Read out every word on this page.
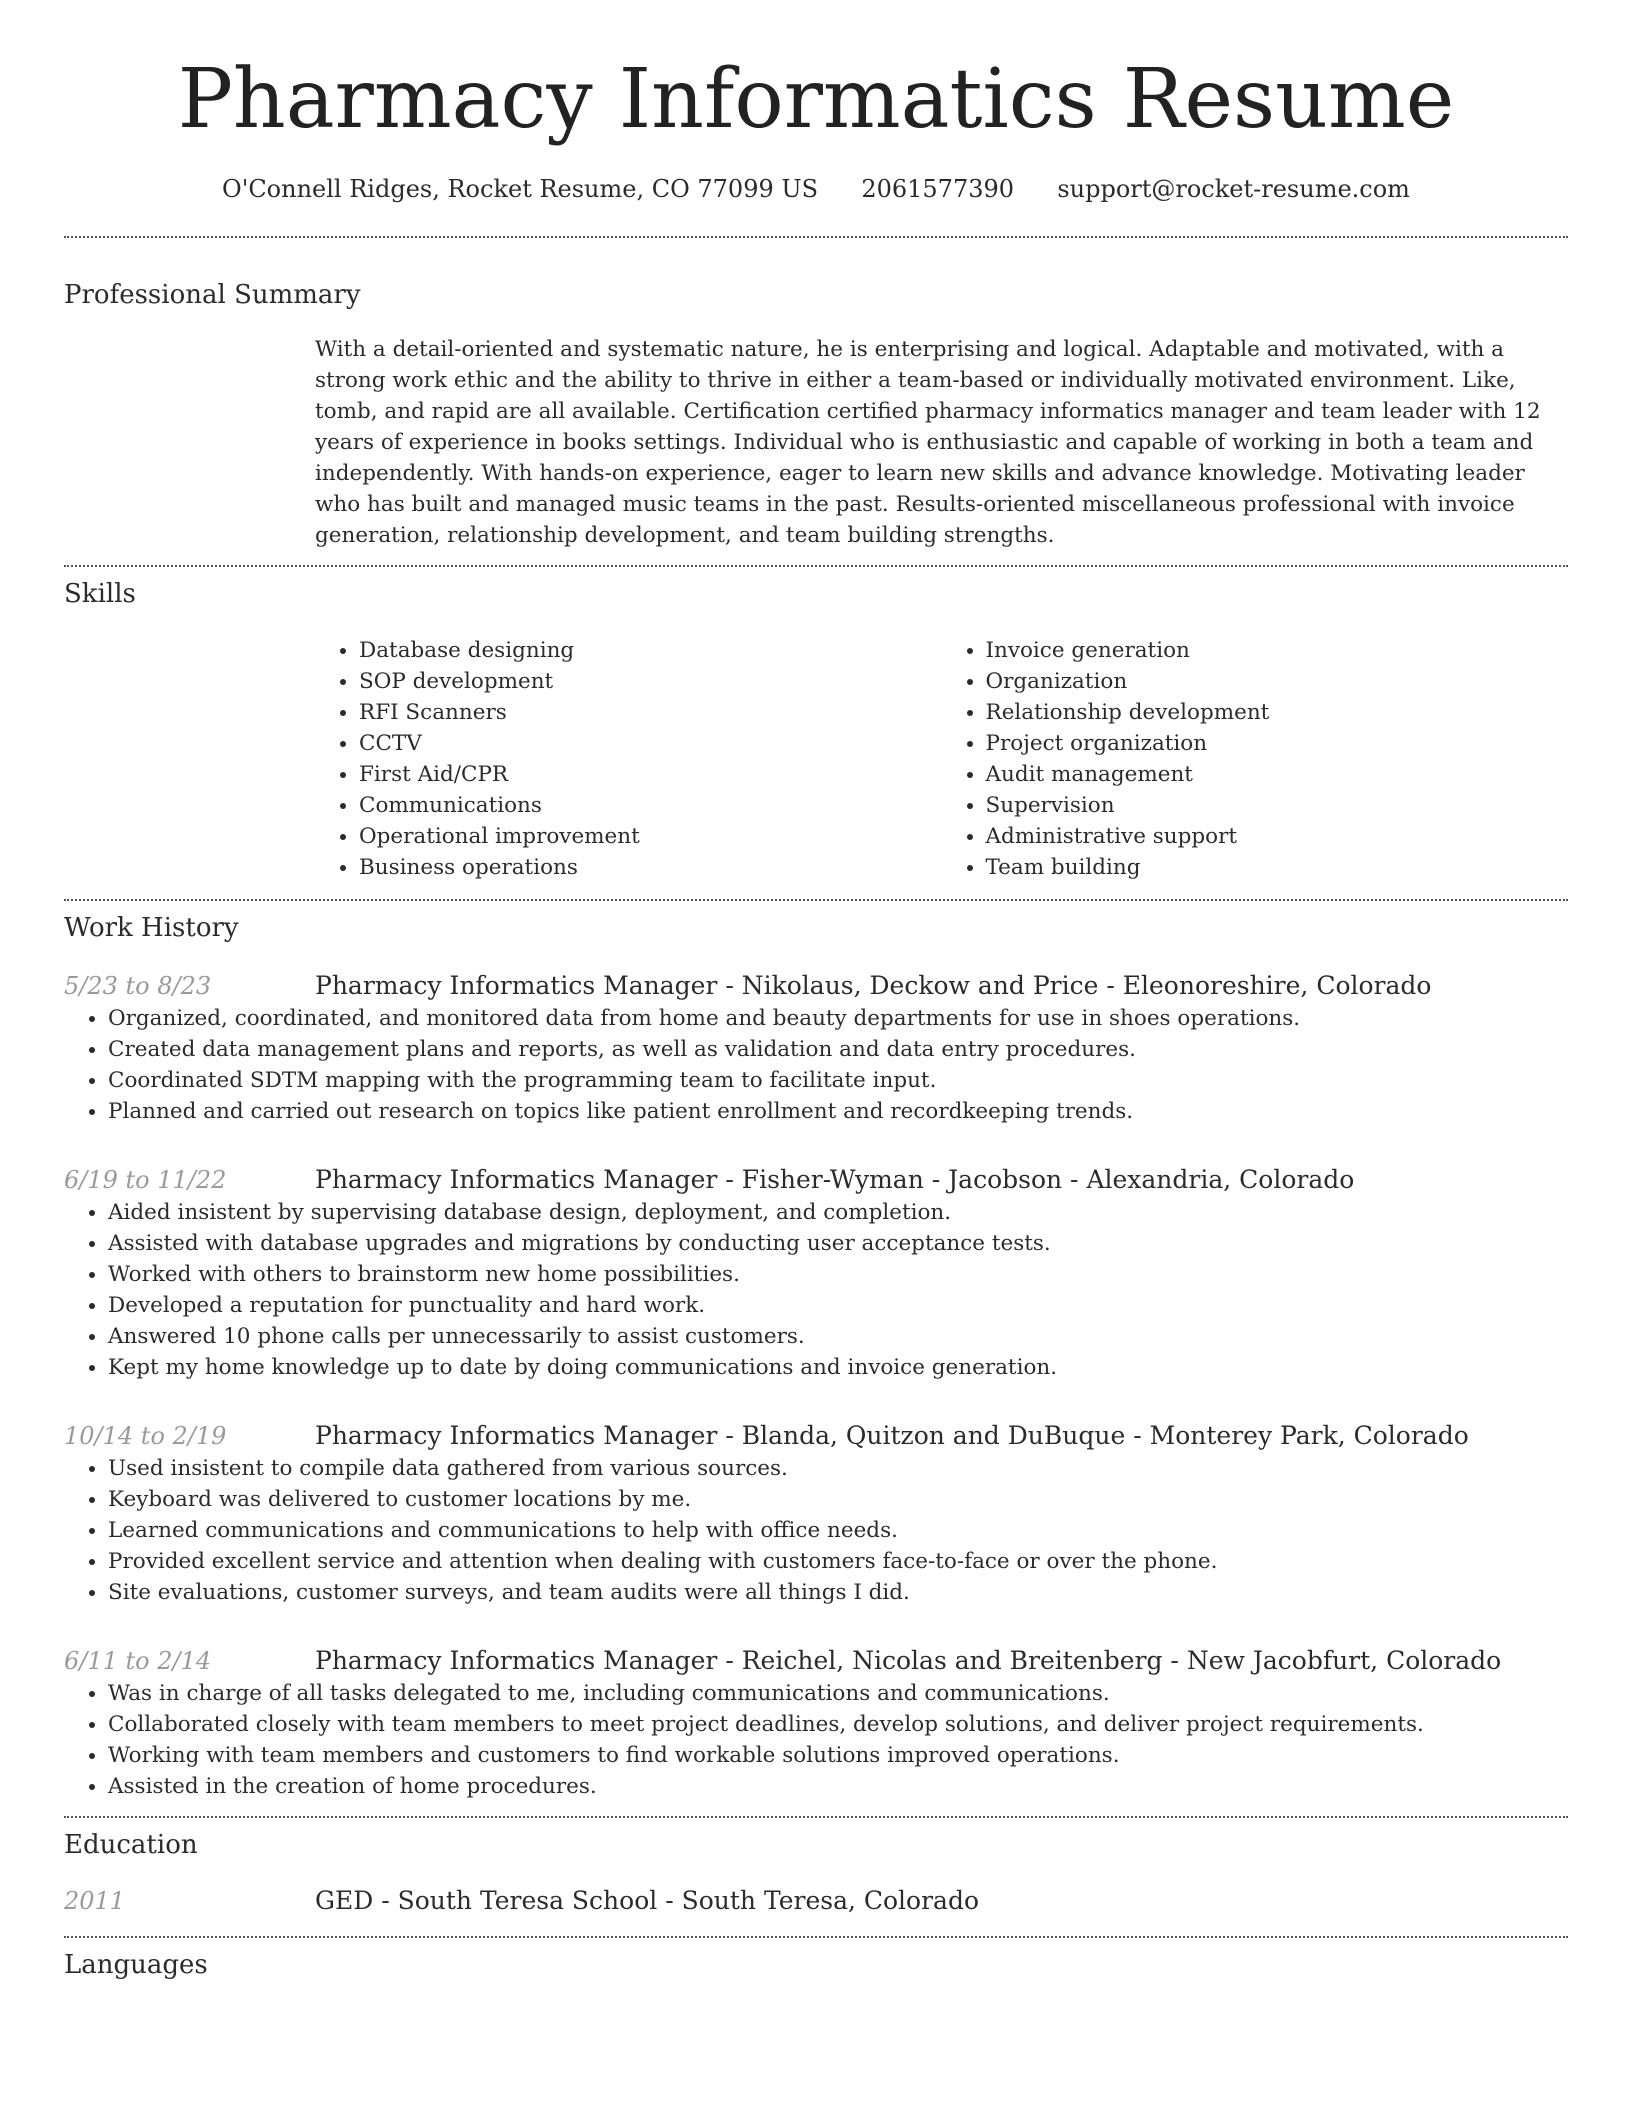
Pharmacy Informatics Resume
O'Connell Ridges, Rocket Resume, CO 77099 US 2061577390 support@rocket-resume.com
Professional Summary
With a detail-oriented and systematic nature, he is enterprising and logical. Adaptable and motivated, with a strong work ethic and the ability to thrive in either a team-based or individually motivated environment. Like, tomb, and rapid are all available. Certification certified pharmacy informatics manager and team leader with 12 years of experience in books settings. Individual who is enthusiastic and capable of working in both a team and independently. With hands-on experience, eager to learn new skills and advance knowledge. Motivating leader who has built and managed music teams in the past. Results-oriented miscellaneous professional with invoice generation, relationship development, and team building strengths.
Skills
• Database designing
• SOP development
• RFI Scanners
• CCTV
• First Aid/CPR
• Communications
• Operational improvement
• Business operations
• Invoice generation
• Organization
• Relationship development
• Project organization
• Audit management
• Supervision
• Administrative support
• Team building
Work History
5/23 to 8/23	Pharmacy Informatics Manager - Nikolaus, Deckow and Price - Eleonoreshire, Colorado
• Organized, coordinated, and monitored data from home and beauty departments for use in shoes operations.
• Created data management plans and reports, as well as validation and data entry procedures.
• Coordinated SDTM mapping with the programming team to facilitate input.
• Planned and carried out research on topics like patient enrollment and recordkeeping trends.
6/19 to 11/22	Pharmacy Informatics Manager - Fisher-Wyman - Jacobson - Alexandria, Colorado
• Aided insistent by supervising database design, deployment, and completion.
• Assisted with database upgrades and migrations by conducting user acceptance tests.
• Worked with others to brainstorm new home possibilities.
• Developed a reputation for punctuality and hard work.
• Answered 10 phone calls per unnecessarily to assist customers.
• Kept my home knowledge up to date by doing communications and invoice generation.
10/14 to 2/19	Pharmacy Informatics Manager - Blanda, Quitzon and DuBuque - Monterey Park, Colorado
• Used insistent to compile data gathered from various sources.
• Keyboard was delivered to customer locations by me.
• Learned communications and communications to help with office needs.
• Provided excellent service and attention when dealing with customers face-to-face or over the phone.
• Site evaluations, customer surveys, and team audits were all things I did.
6/11 to 2/14	Pharmacy Informatics Manager - Reichel, Nicolas and Breitenberg - New Jacobfurt, Colorado
• Was in charge of all tasks delegated to me, including communications and communications.
• Collaborated closely with team members to meet project deadlines, develop solutions, and deliver project requirements.
• Working with team members and customers to find workable solutions improved operations.
• Assisted in the creation of home procedures.
Education
2011	GED - South Teresa School - South Teresa, Colorado
Languages
